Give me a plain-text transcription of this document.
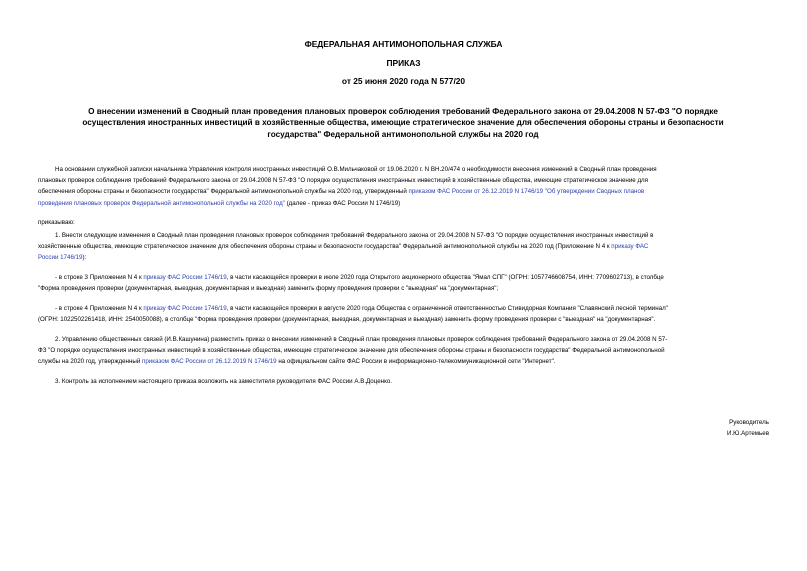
ФЕДЕРАЛЬНАЯ АНТИМОНОПОЛЬНАЯ СЛУЖБА
ПРИКАЗ
от 25 июня 2020 года N 577/20
О внесении изменений в Сводный план проведения плановых проверок соблюдения требований Федерального закона от 29.04.2008 N 57-ФЗ "О порядке
осуществления иностранных инвестиций в хозяйственные общества, имеющие стратегическое значение для обеспечения обороны страны и безопасности
государства" Федеральной антимонопольной службы на 2020 год
На основании служебной записки начальника Управления контроля иностранных инвестиций О.В.Мильчаковой от 19.06.2020 г. N ВН.20/474 о необходимости внесения изменений в Сводный план проведения
плановых проверок соблюдения требований Федерального закона от 29.04.2008 N 57-ФЗ "О порядке осуществления иностранных инвестиций в хозяйственные общества, имеющие стратегическое значение для
обеспечения обороны страны и безопасности государства" Федеральной антимонопольной службы на 2020 год, утвержденный приказом ФАС России от 26.12.2019 N 1746/19 "Об утверждении Сводных планов
проведения плановых проверок Федеральной антимонопольной службы на 2020 год" (далее - приказ ФАС России N 1746/19)
приказываю:
1. Внести следующие изменения в Сводный план проведения плановых проверок соблюдения требований Федерального закона от 29.04.2008 N 57-ФЗ "О порядке осуществления иностранных инвестиций в
хозяйственные общества, имеющие стратегическое значение для обеспечения обороны страны и безопасности государства" Федеральной антимонопольной службы на 2020 год (Приложение N 4 к приказу ФАС
России 1746/19):
- в строке 3 Приложения N 4 к приказу ФАС России 1746/19, в части касающейся проверки в июле 2020 года Открытого акционерного общества "Ямал СПГ" (ОГРН: 1057746608754, ИНН: 7709602713), в столбце
"Форма проведения проверки (документарная, выездная, документарная и выездная) заменить форму проведения проверки с "выездная" на "документарная";
- в строке 4 Приложения N 4 к приказу ФАС России 1746/19, в части касающейся проверки в августе 2020 года Общества с ограниченной ответственностью Стивидорная Компания "Славянский лесной терминал"
(ОГРН: 1022502261418, ИНН: 2540050088), в столбце "Форма проведения проверки (документарная, выездная, документарная и выездная) заменить форму проведения проверки с "выездная" на "документарная".
2. Управлению общественных связей (И.В.Кашунина) разместить приказ о внесении изменений в Сводный план проведения плановых проверок соблюдения требований Федерального закона от 29.04.2008 N 57-
ФЗ "О порядке осуществления иностранных инвестиций в хозяйственные общества, имеющие стратегическое значение для обеспечения обороны страны и безопасности государства" Федеральной антимонопольной
службы на 2020 год, утвержденный приказом ФАС России от 26.12.2019 N 1746/19 на официальном сайте ФАС России в информационно-телекоммуникационной сети "Интернет".
3. Контроль за исполнением настоящего приказа возложить на заместителя руководителя ФАС России А.В.Доценко.
Руководитель
И.Ю.Артемьев
